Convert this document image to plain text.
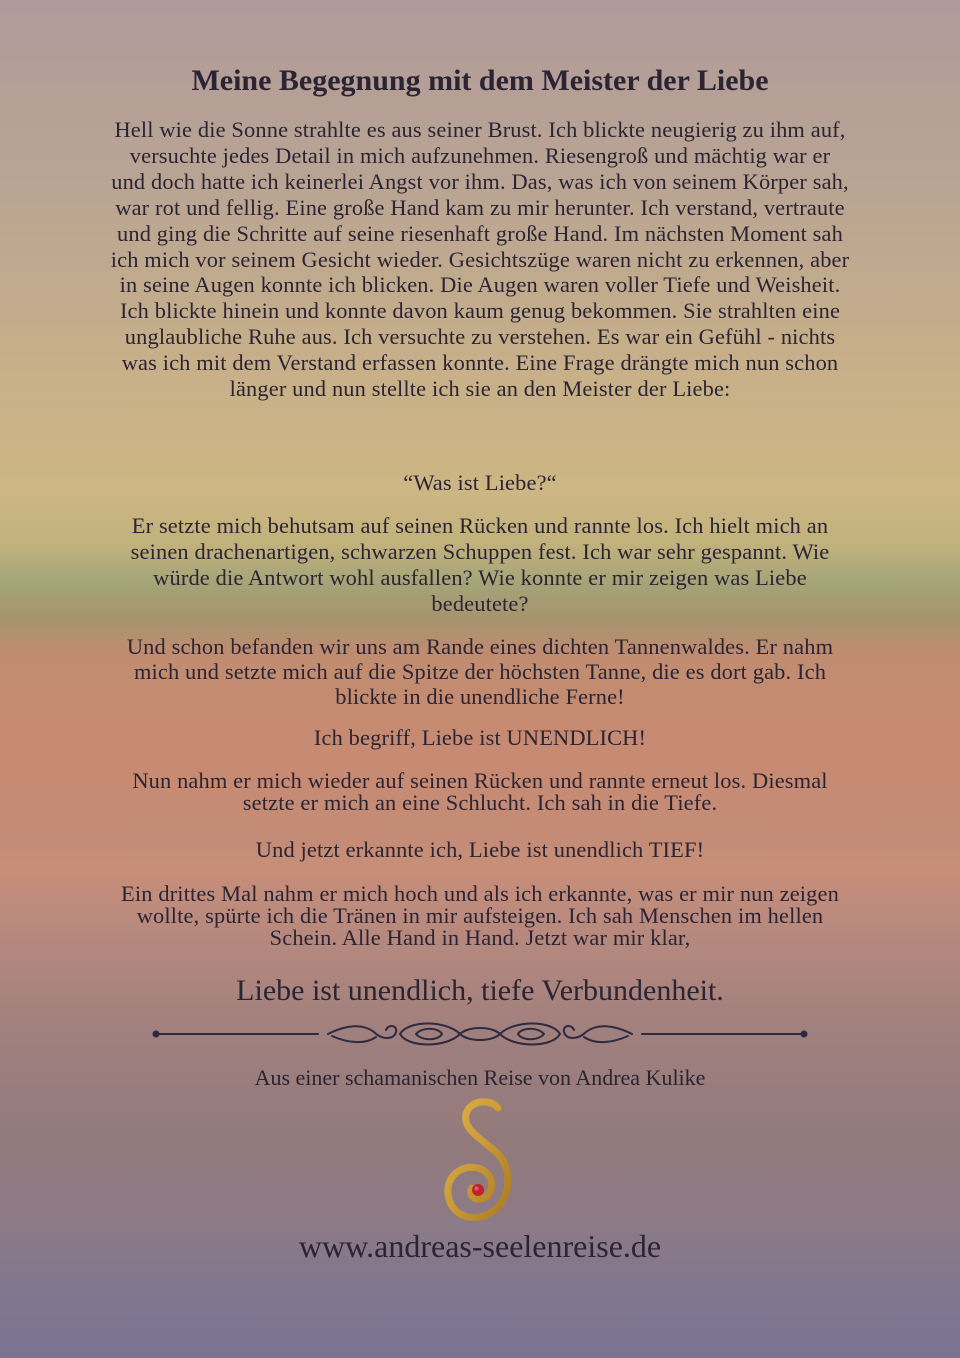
Meine Begegnung mit dem Meister der Liebe

Hell wie die Sonne strahlte es aus seiner Brust. Ich blickte neugierig zu ihm auf, versuchte jedes Detail in mich aufzunehmen. Riesengroß und mächtig war er und doch hatte ich keinerlei Angst vor ihm. Das, was ich von seinem Körper sah, war rot und fellig. Eine große Hand kam zu mir herunter. Ich verstand, vertraute und ging die Schritte auf seine riesenhaft große Hand. Im nächsten Moment sah ich mich vor seinem Gesicht wieder. Gesichtszüge waren nicht zu erkennen, aber in seine Augen konnte ich blicken. Die Augen waren voller Tiefe und Weisheit. Ich blickte hinein und konnte davon kaum genug bekommen. Sie strahlten eine unglaubliche Ruhe aus. Ich versuchte zu verstehen. Es war ein Gefühl - nichts was ich mit dem Verstand erfassen konnte. Eine Frage drängte mich nun schon länger und nun stellte ich sie an den Meister der Liebe:

“Was ist Liebe?“

Er setzte mich behutsam auf seinen Rücken und rannte los. Ich hielt mich an seinen drachenartigen, schwarzen Schuppen fest. Ich war sehr gespannt. Wie würde die Antwort wohl ausfallen? Wie konnte er mir zeigen was Liebe bedeutete?

Und schon befanden wir uns am Rande eines dichten Tannenwaldes. Er nahm mich und setzte mich auf die Spitze der höchsten Tanne, die es dort gab. Ich blickte in die unendliche Ferne!

Ich begriff, Liebe ist UNENDLICH!

Nun nahm er mich wieder auf seinen Rücken und rannte erneut los. Diesmal setzte er mich an eine Schlucht. Ich sah in die Tiefe.

Und jetzt erkannte ich, Liebe ist unendlich TIEF!

Ein drittes Mal nahm er mich hoch und als ich erkannte, was er mir nun zeigen wollte, spürte ich die Tränen in mir aufsteigen. Ich sah Menschen im hellen Schein. Alle Hand in Hand. Jetzt war mir klar,

Liebe ist unendlich, tiefe Verbundenheit.

Aus einer schamanischen Reise von Andrea Kulike

www.andreas-seelenreise.de
